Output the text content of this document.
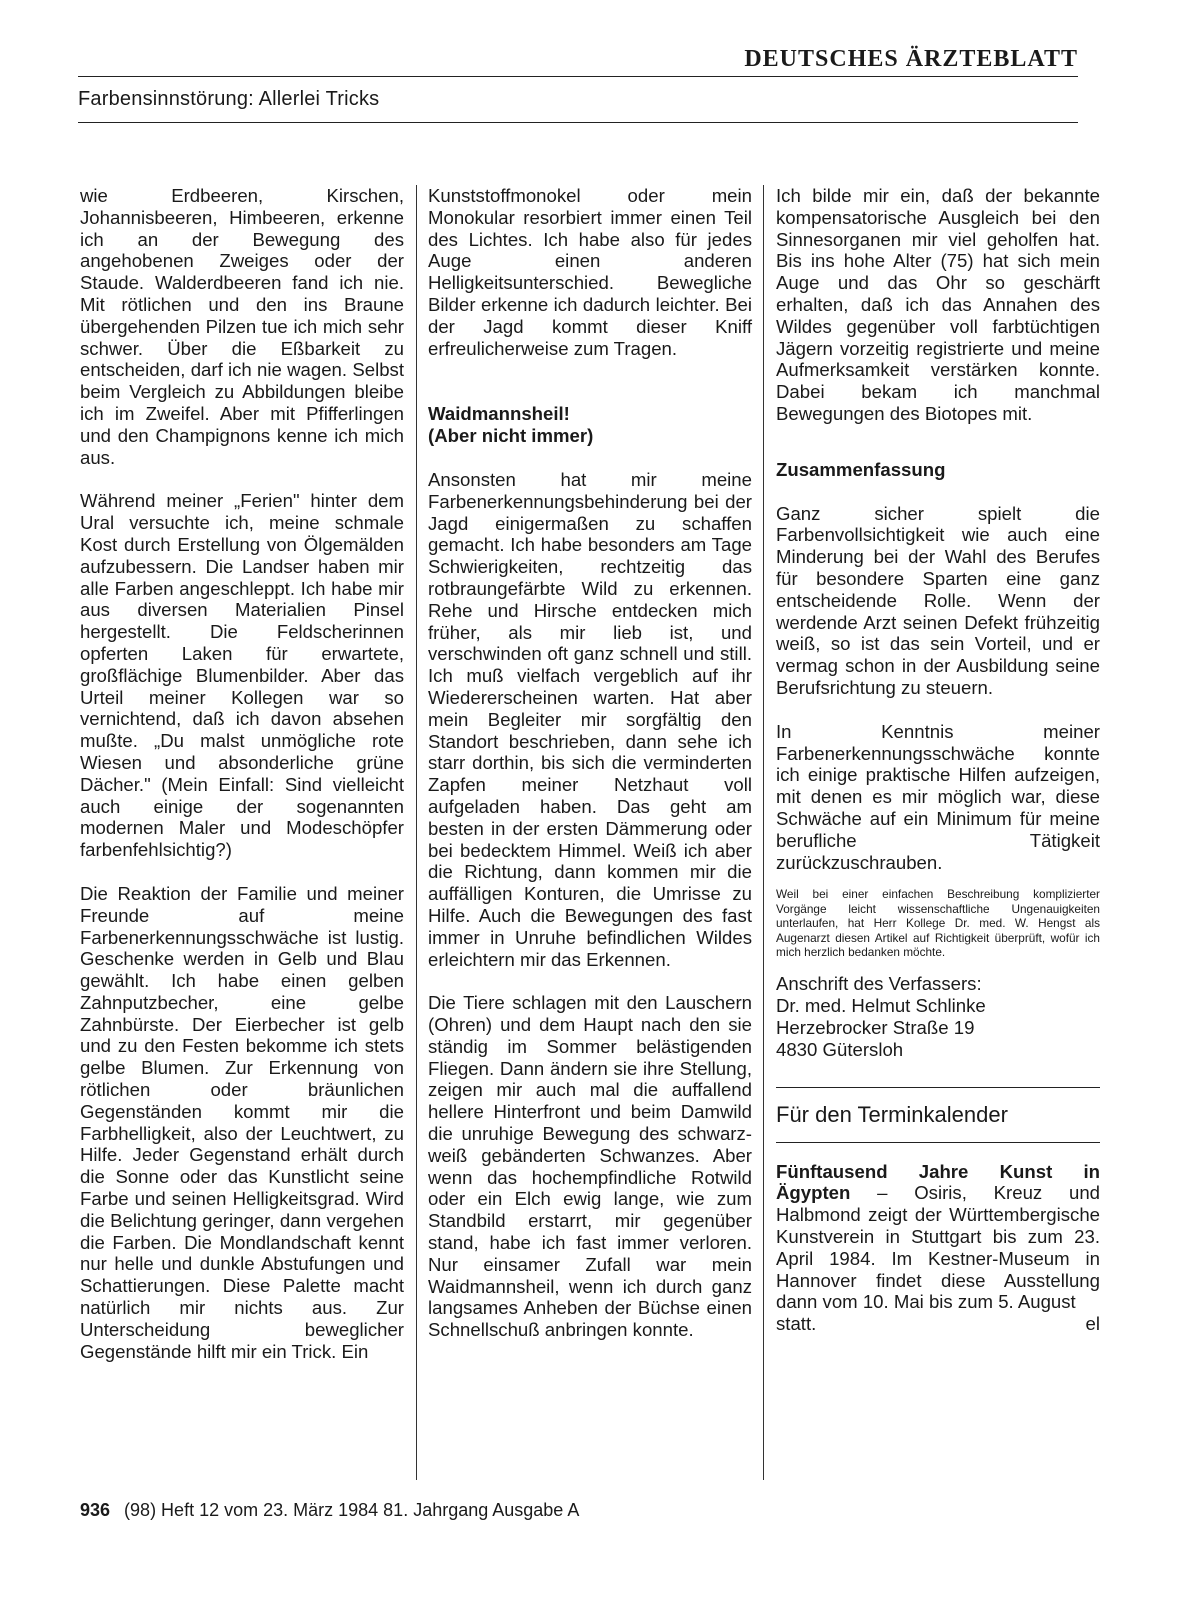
DEUTSCHES ÄRZTEBLATT
Farbensinnstörung: Allerlei Tricks

wie Erdbeeren, Kirschen, Johannisbeeren, Himbeeren, erkenne ich an der Bewegung des angehobenen Zweiges oder der Staude. Walderdbeeren fand ich nie. Mit rötlichen und den ins Braune übergehenden Pilzen tue ich mich sehr schwer. Über die Eßbarkeit zu entscheiden, darf ich nie wagen. Selbst beim Vergleich zu Abbildungen bleibe ich im Zweifel. Aber mit Pfifferlingen und den Champignons kenne ich mich aus.

Während meiner „Ferien" hinter dem Ural versuchte ich, meine schmale Kost durch Erstellung von Ölgemälden aufzubessern. Die Landser haben mir alle Farben angeschleppt. Ich habe mir aus diversen Materialien Pinsel hergestellt. Die Feldscherinnen opferten Laken für erwartete, großflächige Blumenbilder. Aber das Urteil meiner Kollegen war so vernichtend, daß ich davon absehen mußte. „Du malst unmögliche rote Wiesen und absonderliche grüne Dächer." (Mein Einfall: Sind vielleicht auch einige der sogenannten modernen Maler und Modeschöpfer farbenfehlsichtig?)

Die Reaktion der Familie und meiner Freunde auf meine Farbenerkennungsschwäche ist lustig. Geschenke werden in Gelb und Blau gewählt. Ich habe einen gelben Zahnputzbecher, eine gelbe Zahnbürste. Der Eierbecher ist gelb und zu den Festen bekomme ich stets gelbe Blumen. Zur Erkennung von rötlichen oder bräunlichen Gegenständen kommt mir die Farbhelligkeit, also der Leuchtwert, zu Hilfe. Jeder Gegenstand erhält durch die Sonne oder das Kunstlicht seine Farbe und seinen Helligkeitsgrad. Wird die Belichtung geringer, dann vergehen die Farben. Die Mondlandschaft kennt nur helle und dunkle Abstufungen und Schattierungen. Diese Palette macht natürlich mir nichts aus. Zur Unterscheidung beweglicher Gegenstände hilft mir ein Trick. Ein

Kunststoffmonokel oder mein Monokular resorbiert immer einen Teil des Lichtes. Ich habe also für jedes Auge einen anderen Helligkeitsunterschied. Bewegliche Bilder erkenne ich dadurch leichter. Bei der Jagd kommt dieser Kniff erfreulicherweise zum Tragen.

Waidmannsheil!

(Aber nicht immer)

Ansonsten hat mir meine Farbenerkennungsbehinderung bei der Jagd einigermaßen zu schaffen gemacht. Ich habe besonders am Tage Schwierigkeiten, rechtzeitig das rotbraungefärbte Wild zu erkennen. Rehe und Hirsche entdecken mich früher, als mir lieb ist, und verschwinden oft ganz schnell und still. Ich muß vielfach vergeblich auf ihr Wiedererscheinen warten. Hat aber mein Begleiter mir sorgfältig den Standort beschrieben, dann sehe ich starr dorthin, bis sich die verminderten Zapfen meiner Netzhaut voll aufgeladen haben. Das geht am besten in der ersten Dämmerung oder bei bedecktem Himmel. Weiß ich aber die Richtung, dann kommen mir die auffälligen Konturen, die Umrisse zu Hilfe. Auch die Bewegungen des fast immer in Unruhe befindlichen Wildes erleichtern mir das Erkennen.

Die Tiere schlagen mit den Lauschern (Ohren) und dem Haupt nach den sie ständig im Sommer belästigenden Fliegen. Dann ändern sie ihre Stellung, zeigen mir auch mal die auffallend hellere Hinterfront und beim Damwild die unruhige Bewegung des schwarz-weiß gebänderten Schwanzes. Aber wenn das hochempfindliche Rotwild oder ein Elch ewig lange, wie zum Standbild erstarrt, mir gegenüber stand, habe ich fast immer verloren. Nur einsamer Zufall war mein Waidmannsheil, wenn ich durch ganz langsames Anheben der Büchse einen Schnellschuß anbringen konnte.

Ich bilde mir ein, daß der bekannte kompensatorische Ausgleich bei den Sinnesorganen mir viel geholfen hat. Bis ins hohe Alter (75) hat sich mein Auge und das Ohr so geschärft erhalten, daß ich das Annahen des Wildes gegenüber voll farbtüchtigen Jägern vorzeitig registrierte und meine Aufmerksamkeit verstärken konnte. Dabei bekam ich manchmal Bewegungen des Biotopes mit.

Zusammenfassung

Ganz sicher spielt die Farbenvollsichtigkeit wie auch eine Minderung bei der Wahl des Berufes für besondere Sparten eine ganz entscheidende Rolle. Wenn der werdende Arzt seinen Defekt frühzeitig weiß, so ist das sein Vorteil, und er vermag schon in der Ausbildung seine Berufsrichtung zu steuern.

In Kenntnis meiner Farbenerkennungsschwäche konnte ich einige praktische Hilfen aufzeigen, mit denen es mir möglich war, diese Schwäche auf ein Minimum für meine berufliche Tätigkeit zurückzuschrauben.

Weil bei einer einfachen Beschreibung komplizierter Vorgänge leicht wissenschaftliche Ungenauigkeiten unterlaufen, hat Herr Kollege Dr. med. W. Hengst als Augenarzt diesen Artikel auf Richtigkeit überprüft, wofür ich mich herzlich bedanken möchte.

Anschrift des Verfassers:

Dr. med. Helmut Schlinke

Herzebrocker Straße 19

4830 Gütersloh

Für den Terminkalender

Fünftausend Jahre Kunst in Ägypten – Osiris, Kreuz und Halbmond zeigt der Württembergische Kunstverein in Stuttgart bis zum 23. April 1984. Im Kestner-Museum in Hannover findet diese Ausstellung dann vom 10. Mai bis zum 5. August

statt.	el

936 (98) Heft 12 vom 23. März 1984 81. Jahrgang Ausgabe A
